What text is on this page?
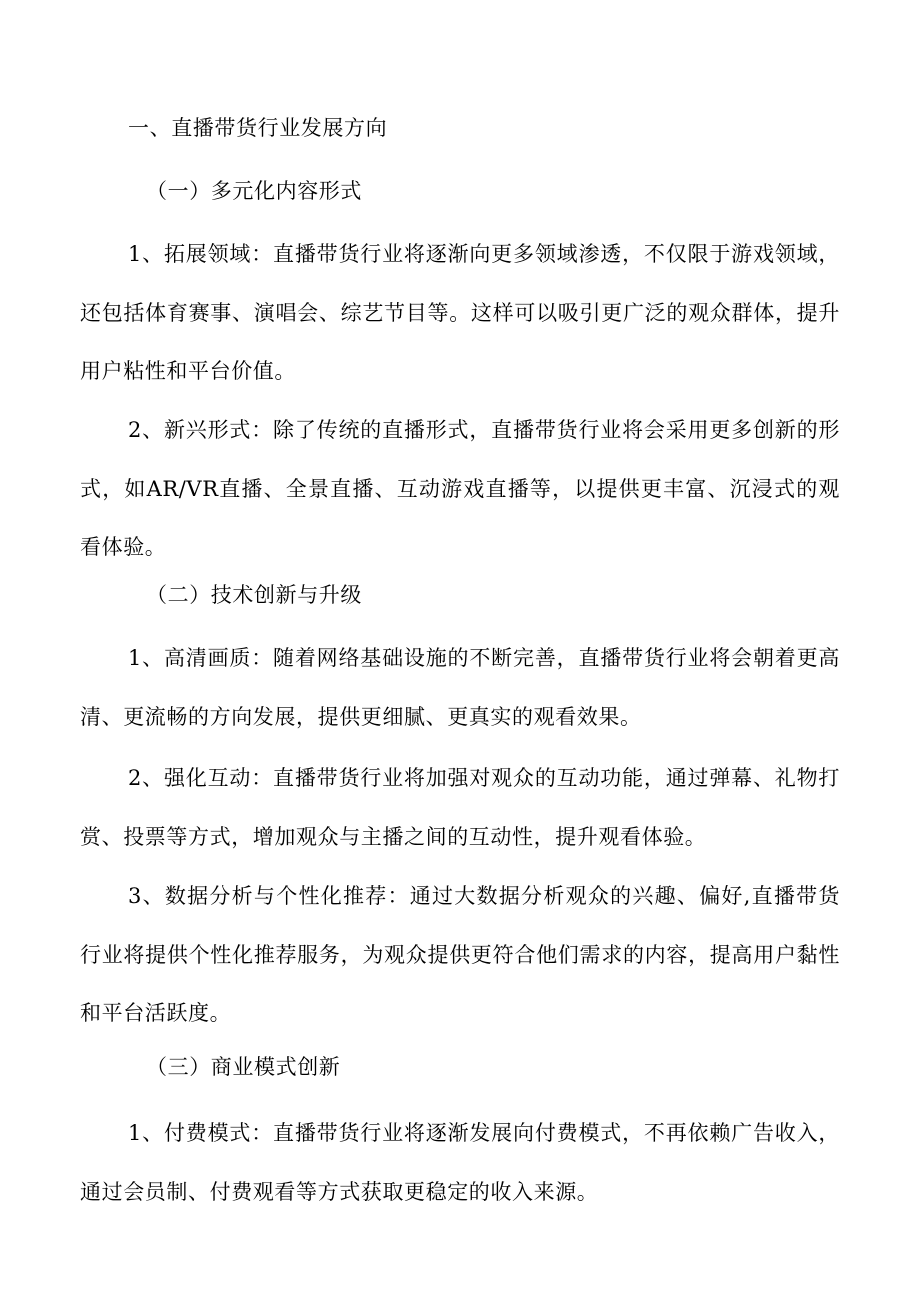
一、直播带货行业发展方向

（一）多元化内容形式

1、拓展领域：直播带货行业将逐渐向更多领域渗透，不仅限于游戏领域，还包括体育赛事、演唱会、综艺节目等。这样可以吸引更广泛的观众群体，提升用户粘性和平台价值。

2、新兴形式：除了传统的直播形式，直播带货行业将会采用更多创新的形式，如AR/VR直播、全景直播、互动游戏直播等，以提供更丰富、沉浸式的观看体验。

（二）技术创新与升级

1、高清画质：随着网络基础设施的不断完善，直播带货行业将会朝着更高清、更流畅的方向发展，提供更细腻、更真实的观看效果。

2、强化互动：直播带货行业将加强对观众的互动功能，通过弹幕、礼物打赏、投票等方式，增加观众与主播之间的互动性，提升观看体验。

3、数据分析与个性化推荐：通过大数据分析观众的兴趣、偏好,直播带货行业将提供个性化推荐服务，为观众提供更符合他们需求的内容，提高用户黏性和平台活跃度。

（三）商业模式创新

1、付费模式：直播带货行业将逐渐发展向付费模式，不再依赖广告收入，通过会员制、付费观看等方式获取更稳定的收入来源。
